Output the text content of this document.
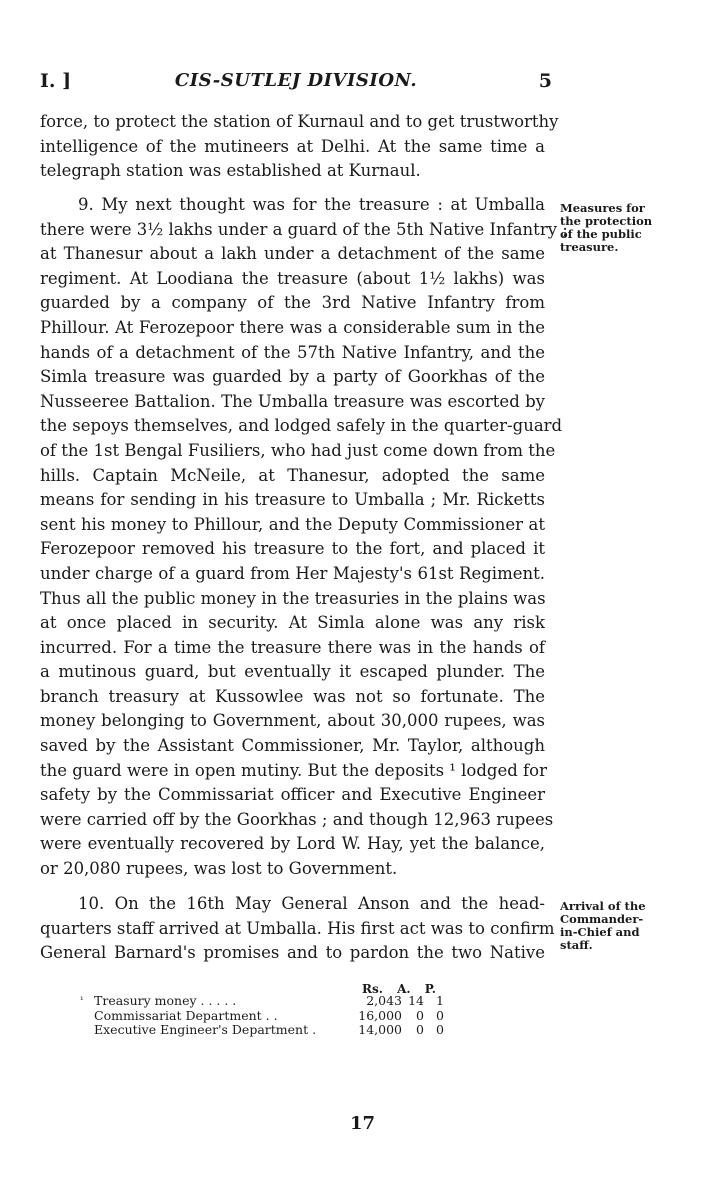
I. ]	CIS-SUTLEJ DIVISION.	5
force, to protect the station of Kurnaul and to get trustworthy
intelligence of the mutineers at Delhi. At the same time a
telegraph station was established at Kurnaul.
9. My next thought was for the treasure : at Umballa
there were 3½ lakhs under a guard of the 5th Native Infantry ;
at Thanesur about a lakh under a detachment of the same
regiment. At Loodiana the treasure (about 1½ lakhs) was
guarded by a company of the 3rd Native Infantry from
Phillour. At Ferozepoor there was a considerable sum in the
hands of a detachment of the 57th Native Infantry, and the
Simla treasure was guarded by a party of Goorkhas of the
Nusseeree Battalion. The Umballa treasure was escorted by
the sepoys themselves, and lodged safely in the quarter-guard
of the 1st Bengal Fusiliers, who had just come down from the
hills. Captain McNeile, at Thanesur, adopted the same
means for sending in his treasure to Umballa ; Mr. Ricketts
sent his money to Phillour, and the Deputy Commissioner at
Ferozepoor removed his treasure to the fort, and placed it
under charge of a guard from Her Majesty's 61st Regiment.
Thus all the public money in the treasuries in the plains was
at once placed in security. At Simla alone was any risk
incurred. For a time the treasure there was in the hands of
a mutinous guard, but eventually it escaped plunder. The
branch treasury at Kussowlee was not so fortunate. The
money belonging to Government, about 30,000 rupees, was
saved by the Assistant Commissioner, Mr. Taylor, although
the guard were in open mutiny. But the deposits ¹ lodged for
safety by the Commissariat officer and Executive Engineer
were carried off by the Goorkhas ; and though 12,963 rupees
were eventually recovered by Lord W. Hay, yet the balance,
or 20,080 rupees, was lost to Government.
Measures for
the protection
of the public
treasure.
10. On the 16th May General Anson and the head-
quarters staff arrived at Umballa. His first act was to confirm
General Barnard's promises and to pardon the two Native
Arrival of the
Commander-
in-Chief and
staff.
Rs. A. P.
¹ Treasury money . . . . .	2,043 14 1
Commissariat Department . .	16,000	0 0
Executive Engineer's Department .	14,000	0 0
17
